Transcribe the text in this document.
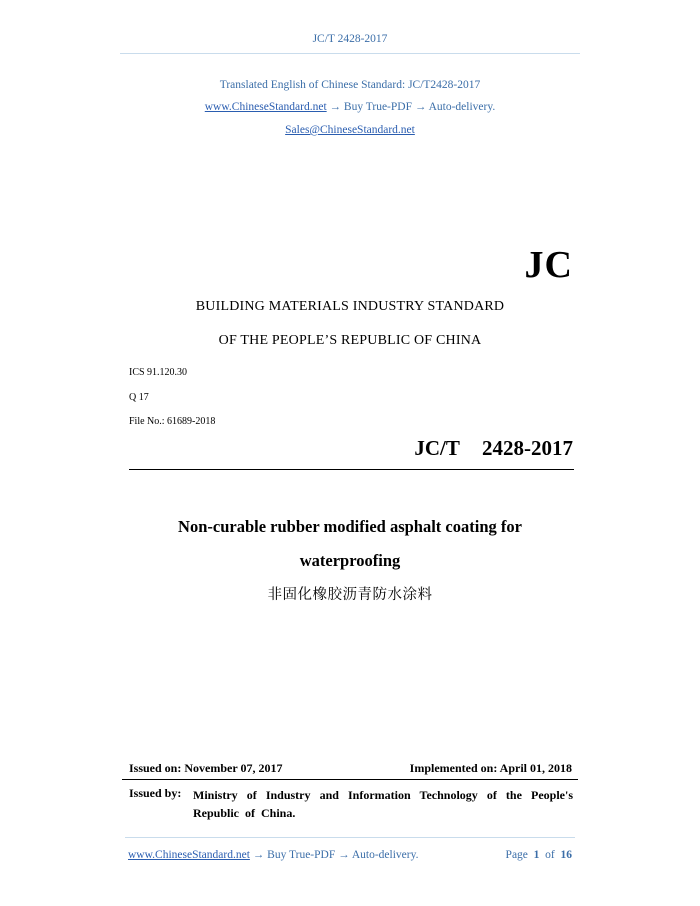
JC/T 2428-2017
Translated English of Chinese Standard: JC/T2428-2017
www.ChineseStandard.net → Buy True-PDF → Auto-delivery.
Sales@ChineseStandard.net
JC
BUILDING MATERIALS INDUSTRY STANDARD
OF THE PEOPLE’S REPUBLIC OF CHINA
ICS 91.120.30
Q 17
File No.: 61689-2018
JC/T  2428-2017
Non-curable rubber modified asphalt coating for
waterproofing
非固化橡胶沥青防水涂料
Issued on: November 07, 2017	Implemented on: April 01, 2018
Issued by: Ministry of Industry and Information Technology of the People's Republic of China.
www.ChineseStandard.net → Buy True-PDF → Auto-delivery.	Page 1 of 16
